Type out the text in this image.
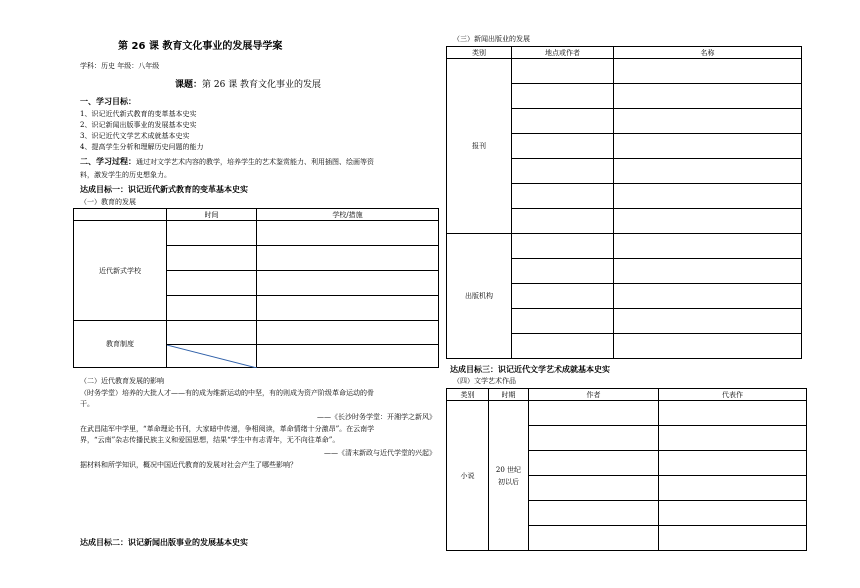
第 26 课 教育文化事业的发展导学案
学科：历史 年级：八年级
课题：第 26 课 教育文化事业的发展
一、学习目标：
1、识记近代新式教育的变革基本史实
2、识记新闻出版事业的发展基本史实
3、识记近代文学艺术成就基本史实
4、提高学生分析和理解历史问题的能力
二、学习过程：通过对文学艺术内容的教学，培养学生的艺术鉴赏能力、利用插图、绘画等资
料，激发学生的历史想象力。
达成目标一：识记近代新式教育的变革基本史实
（一）教育的发展
	时间	学校/措施
近代新式学校		

教育制度		

（二）近代教育发展的影响
（时务学堂）培养的大批人才——有的成为维新运动的中坚，有的则成为资产阶级革命运动的骨
干。
——《长沙时务学堂：开湘学之新风》
在武昌陆军中学里，“革命理论书刊，大家暗中传递，争相阅读，革命情绪十分激昂”。在云南学
界，“云南”杂志传播民族主义和爱国思想，结果“学生中有志青年，无不向往革命”。
——《清末新政与近代学堂的兴起》
据材料和所学知识，概况中国近代教育的发展对社会产生了哪些影响？
达成目标二：识记新闻出版事业的发展基本史实
（三）新闻出版业的发展
类别	地点或作者	名称
报刊		

出版机构		

达成目标三：识记近代文学艺术成就基本史实
（四）文学艺术作品
类别	时期	作者	代表作
小说	20 世纪
初以后		
